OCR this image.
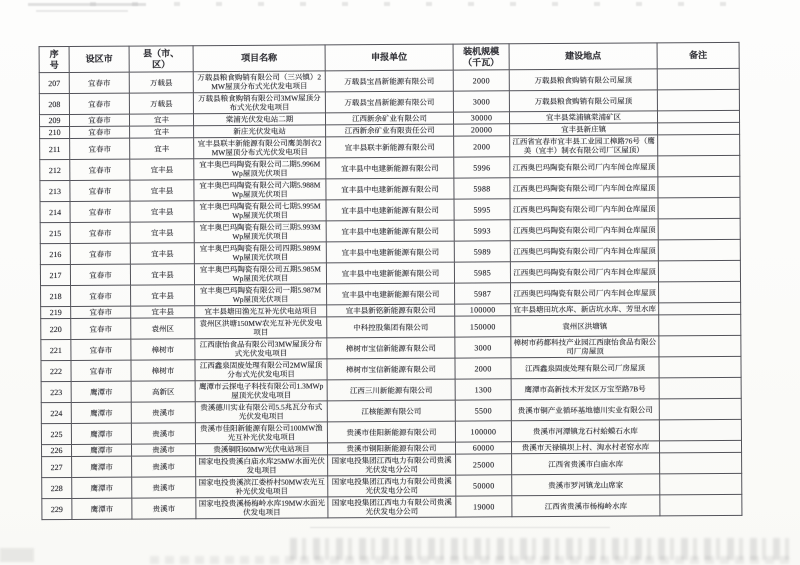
序号	设区市	县（市、区）	项目名称	申报单位	装机规模（千瓦）	建设地点	备注
207	宜春市	万载县	万载县粮食购销有限公司（三兴镇）2MW屋顶分布式光伏发电项目	万载县宝昌新能源有限公司	2000	万载县粮食购销有限公司屋顶	
208	宜春市	万载县	万载县粮食购销有限公司3MW屋顶分布式光伏发电项目	万载县宝昌新能源有限公司	3000	万载县粮食购销有限公司屋顶	
209	宜春市	宜丰	棠浦光伏发电站二期	江西新余矿业有限公司	30000	宜丰县棠浦镇棠浦矿区	
210	宜春市	宜丰	新庄光伏发电站	江西新余矿业有限责任公司	20000	宜丰县新庄镇	
211	宜春市	宜丰	宜丰县联丰新能源有限公司鹰美制衣2MW屋顶分布式光伏发电项目	宜丰县联丰新能源有限公司	2000	江西省宜春市宜丰县工业园工樟路76号（鹰美（宜丰）制衣有限公司厂区屋顶）	
212	宜春市	宜丰县	宜丰奥巴玛陶瓷有限公司二期5.996MWp屋顶光伏项目	宜丰县中电建新能源有限公司	5996	江西奥巴玛陶瓷有限公司厂内车间仓库屋顶	
213	宜春市	宜丰县	宜丰奥巴玛陶瓷有限公司六期5.988MWp屋顶光伏项目	宜丰县中电建新能源有限公司	5988	江西奥巴玛陶瓷有限公司厂内车间仓库屋顶	
214	宜春市	宜丰县	宜丰奥巴玛陶瓷有限公司七期5.995MWp屋顶光伏项目	宜丰县中电建新能源有限公司	5995	江西奥巴玛陶瓷有限公司厂内车间仓库屋顶	
215	宜春市	宜丰县	宜丰奥巴玛陶瓷有限公司三期5.993MWp屋顶光伏项目	宜丰县中电建新能源有限公司	5993	江西奥巴玛陶瓷有限公司厂内车间仓库屋顶	
216	宜春市	宜丰县	宜丰奥巴玛陶瓷有限公司四期5.989MWp屋顶光伏项目	宜丰县中电建新能源有限公司	5989	江西奥巴玛陶瓷有限公司厂内车间仓库屋顶	
217	宜春市	宜丰县	宜丰奥巴玛陶瓷有限公司五期5.985MWp屋顶光伏项目	宜丰县中电建新能源有限公司	5985	江西奥巴玛陶瓷有限公司厂内车间仓库屋顶	
218	宜春市	宜丰县	宜丰奥巴玛陶瓷有限公司一期5.987MWp屋顶光伏项目	宜丰县中电建新能源有限公司	5987	江西奥巴玛陶瓷有限公司厂内车间仓库屋顶	
219	宜春市	宜丰县	宜丰县塘田渔光互补光伏电站项目	宜丰县新铭新能源有限公司	100000	宜丰县塘田坑水库、新店坑水库、芳里水库	
220	宜春市	袁州区	袁州区洪塘150MW农光互补光伏发电项目	中科控股集团有限公司	150000	袁州区洪塘镇	
221	宜春市	樟树市	江西康怡食品有限公司3MW屋顶分布式光伏发电项目	樟树市宝信新能源有限公司	3000	樟树市药都科技产业园江西康怡食品有限公司厂房屋顶	
222	宜春市	樟树市	江西鑫泉固废处理有限公司2MW屋顶分布式光伏发电项目	樟树市宝信新能源有限公司	2000	江西鑫泉固废处理有限公司厂房屋顶	
223	鹰潭市	高新区	鹰潭市云探电子科技有限公司1.3MWp屋顶光伏发电项目	江西三川新能源有限公司	1300	鹰潭市高新技术开发区万宝至路7B号	
224	鹰潭市	贵溪市	贵溪德川实业有限公司5.5兆瓦分布式光伏发电项目	江核能源有限公司	5500	贵溪市铜产业循环基地德川实业有限公司	
225	鹰潭市	贵溪市	贵溪市佳阳新能源有限公司100MW渔光互补光伏发电项目	贵溪市佳阳新能源有限公司	100000	贵溪市河潭镇龙石村蛤蟆石水库	
226	鹰潭市	贵溪市	贵溪铜阳60MW光伏电站项目	贵溪市铜阳新能源有限公司	60000	贵溪市天禄镇坝上村、淘水村老窑水库	
227	鹰潭市	贵溪市	国家电投贵溪白庙水库25MW水面光伏发电项目	国家电投集团江西电力有限公司贵溪光伏发电分公司	25000	江西省贵溪市白庙水库	
228	鹰潭市	贵溪市	国家电投贵溪滨江娄桥村50MW农光互补光伏发电项目	国家电投集团江西电力有限公司贵溪光伏发电分公司	50000	贵溪市罗河镇龙山席家	
229	鹰潭市	贵溪市	国家电投贵溪杨梅岭水库19MW水面光伏发电项目	国家电投集团江西电力有限公司贵溪光伏发电分公司	19000	江西省贵溪市杨梅岭水库	
